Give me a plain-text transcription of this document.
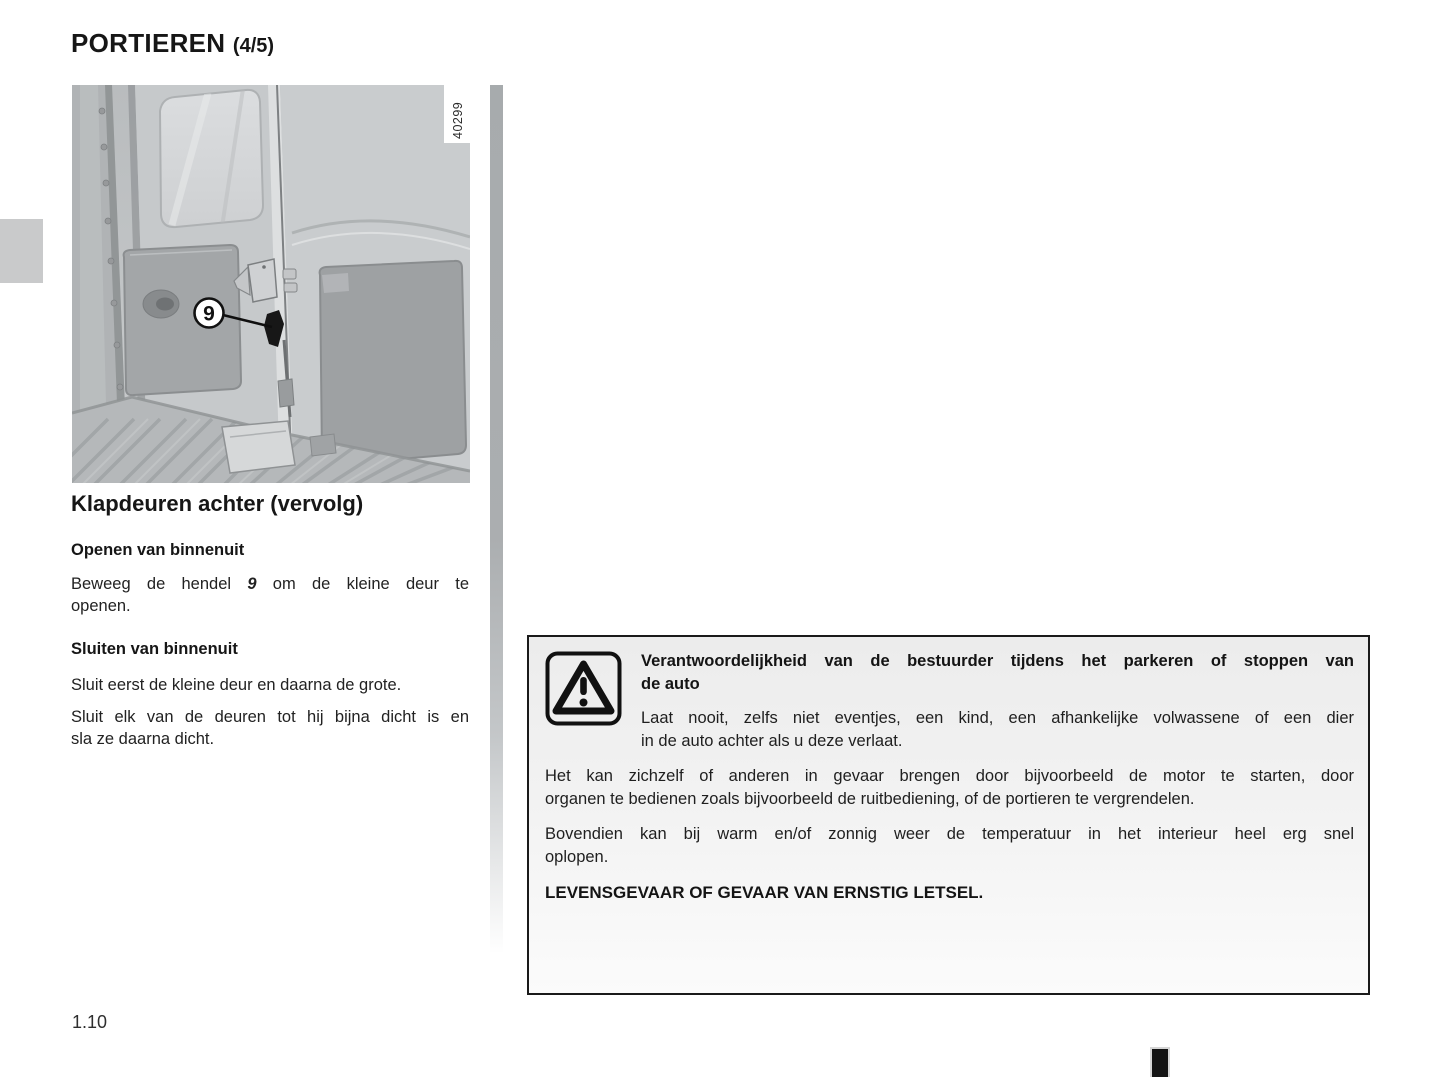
PORTIEREN (4/5)
9
40299
Klapdeuren achter (vervolg)
Openen van binnenuit
Beweeg de hendel 9 om de kleine deur te
openen.
Sluiten van binnenuit
Sluit eerst de kleine deur en daarna de grote.
Sluit elk van de deuren tot hij bijna dicht is en
sla ze daarna dicht.
Verantwoordelijkheid van de bestuurder tijdens het parkeren of stoppen van
de auto
Laat nooit, zelfs niet eventjes, een kind, een afhankelijke volwassene of een dier
in de auto achter als u deze verlaat.
Het kan zichzelf of anderen in gevaar brengen door bijvoorbeeld de motor te starten, door
organen te bedienen zoals bijvoorbeeld de ruitbediening, of de portieren te vergrendelen.
Bovendien kan bij warm en/of zonnig weer de temperatuur in het interieur heel erg snel
oplopen.
LEVENSGEVAAR OF GEVAAR VAN ERNSTIG LETSEL.
1.10
